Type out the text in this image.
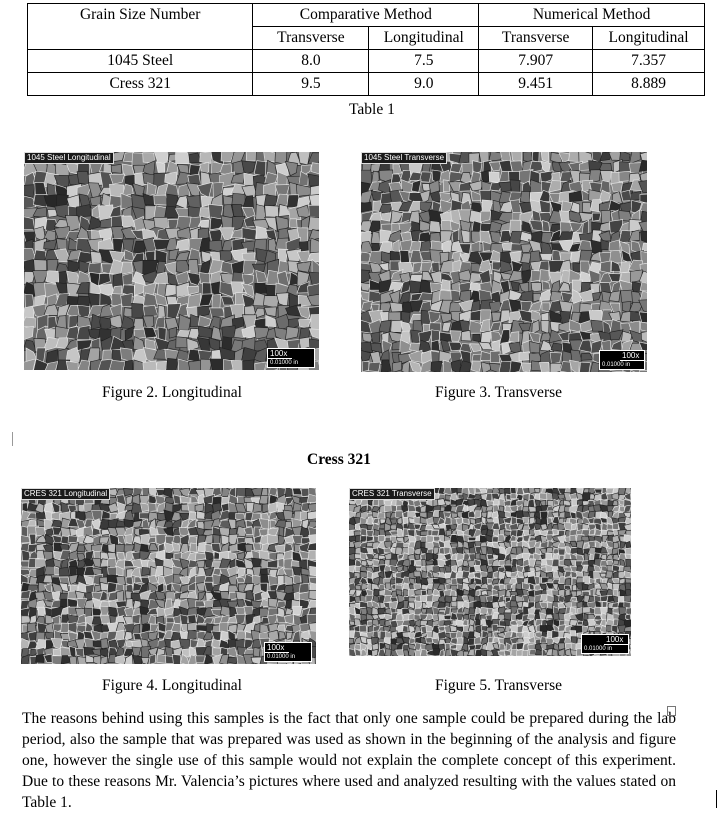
Grain Size Number	Comparative Method		Numerical Method	
	Transverse	Longitudinal	Transverse	Longitudinal
1045 Steel	8.0	7.5	7.907	7.357
Cress 321	9.5	9.0	9.451	8.889
Table 1
1045 Steel Longitudinal
100x
0.01000 in
Figure 2. Longitudinal
1045 Steel Transverse
100x
0.01000 in
Figure 3. Transverse
Cress 321
CRES 321 Longitudinal
100x
0.01000 in
Figure 4. Longitudinal
CRES 321 Transverse
100x
0.01000 in
Figure 5. Transverse
The reasons behind using this samples is the fact that only one sample could be prepared during the lab period, also the sample that was prepared was used as shown in the beginning of the analysis and figure one, however the single use of this sample would not explain the complete concept of this experiment. Due to these reasons Mr. Valencia’s pictures where used and analyzed resulting with the values stated on Table 1.
